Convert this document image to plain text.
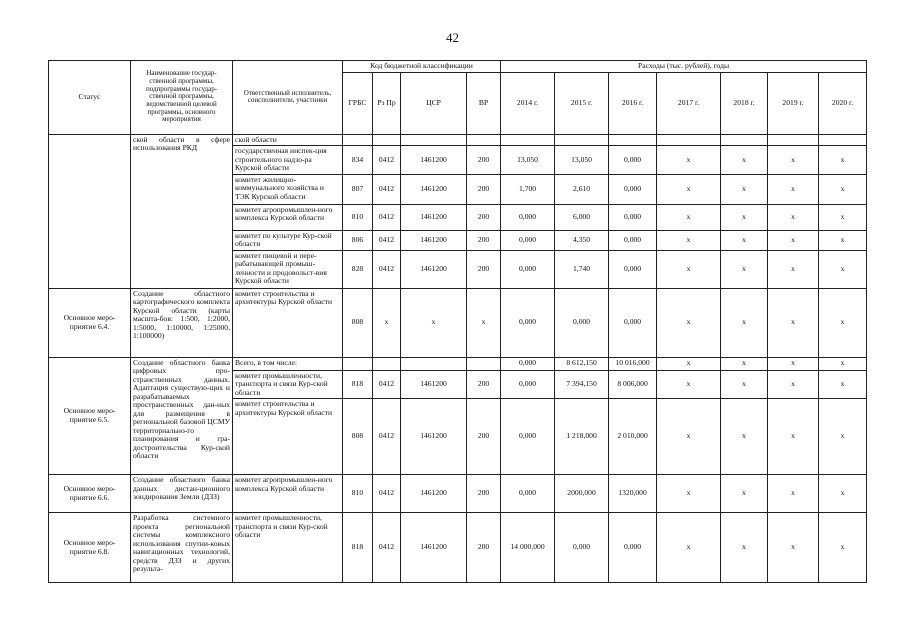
42
Статус	Наименование государ-ственной программы, подпрограммы государ-ственной программы, ведомственной целевой программы, основного мероприятия	Ответственный исполнитель, соисполнители, участники	Код бюджетной классификации				Расходы (тыс. рублей), годы						
			ГРБС	Рз Пр	ЦСР	ВР	2014 г.	2015 г.	2016 г.	2017 г.	2018 г.	2019 г.	2020 г.
	ской области в сфере использования РКД	ской области											
		государственная инспек-ция строительного надзо-ра Курской области	834	0412	1461200	200	13,050	13,050	0,000	х	х	х	х
		комитет жилищно-коммунального хозяйства и ТЭК Курской области	807	0412	1461200	200	1,700	2,610	0,000	х	х	х	х
		комитет агропромышлен-ного комплекса Курской области	810	0412	1461200	200	0,000	6,000	0,000	х	х	х	х
		комитет по культуре Кур-ской области	806	0412	1461200	200	0,000	4,350	0,000	х	х	х	х
		комитет пищевой и пере-рабатывающей промыш-ленности и продовольст-вия Курской области	828	0412	1461200	200	0,000	1,740	0,000	х	х	х	х
Основное меро-приятие 6.4.	Создание областного картографического комплекта Курской области (карты масшта-бов: 1:500, 1:2000, 1:5000, 1:10000, 1:25000, 1:100000)	комитет строительства и архитектуры Курской области	808	х	х	х	0,000	0,000	0,000	х	х	х	х
Основное меро-приятие 6.5.	Создание областного банка цифровых про-странственных данных. Адаптация существую-щих и разрабатываемых пространственных дан-ных для размещения в региональной базовой ЦСМУ территориально-го планирования и гра-достроительства Кур-ской области	Всего, в том числе:					0,000	8 612,150	10 016,000	х	х	х	х
		комитет промышленности, транспорта и связи Кур-ской области	818	0412	1461200	200	0,000	7 394,150	8 006,000	х	х	х	х
		комитет строительства и архитектуры Курской области	808	0412	1461200	200	0,000	1 218,000	2 010,000	х	х	х	х
Основное меро-приятие 6.6.	Создание областного банка данных дистан-ционного зондирования Земли (ДЗЗ)	комитет агропромышлен-ного комплекса Курской области	810	0412	1461200	200	0,000	2000,000	1320,000	х	х	х	х
Основное меро-приятие 6.8.	Разработка системного проекта региональной системы комплексного использования спутни-ковых навигационных технологий, средств ДЗЗ и других результа-	комитет промышленности, транспорта и связи Кур-ской области	818	0412	1461200	200	14 000,000	0,000	0,000	х	х	х	х
